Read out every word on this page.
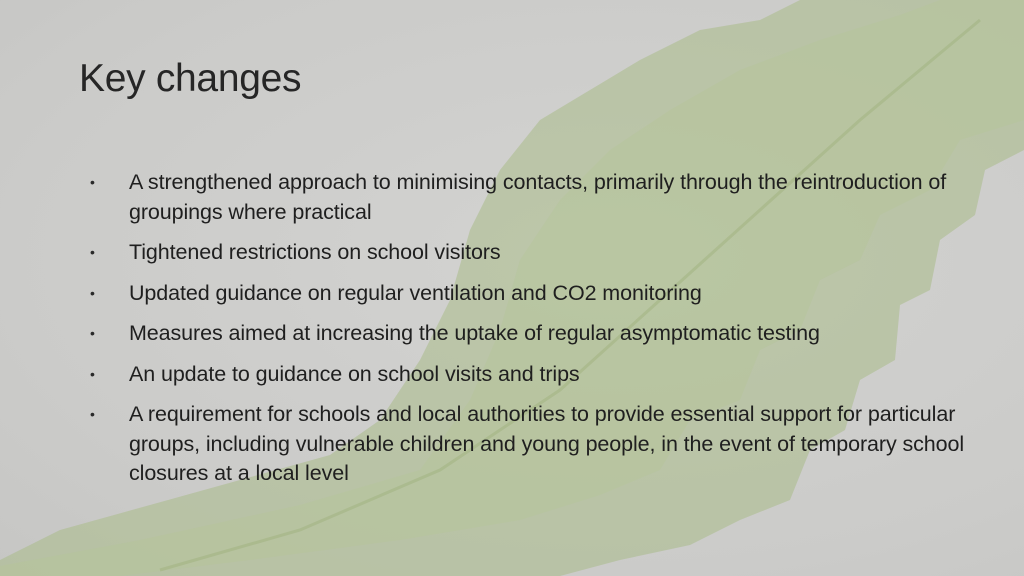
Key changes
• A strengthened approach to minimising contacts, primarily through the reintroduction of groupings where practical
• Tightened restrictions on school visitors
• Updated guidance on regular ventilation and CO2 monitoring
• Measures aimed at increasing the uptake of regular asymptomatic testing
• An update to guidance on school visits and trips
• A requirement for schools and local authorities to provide essential support for particular groups, including vulnerable children and young people, in the event of temporary school closures at a local level
